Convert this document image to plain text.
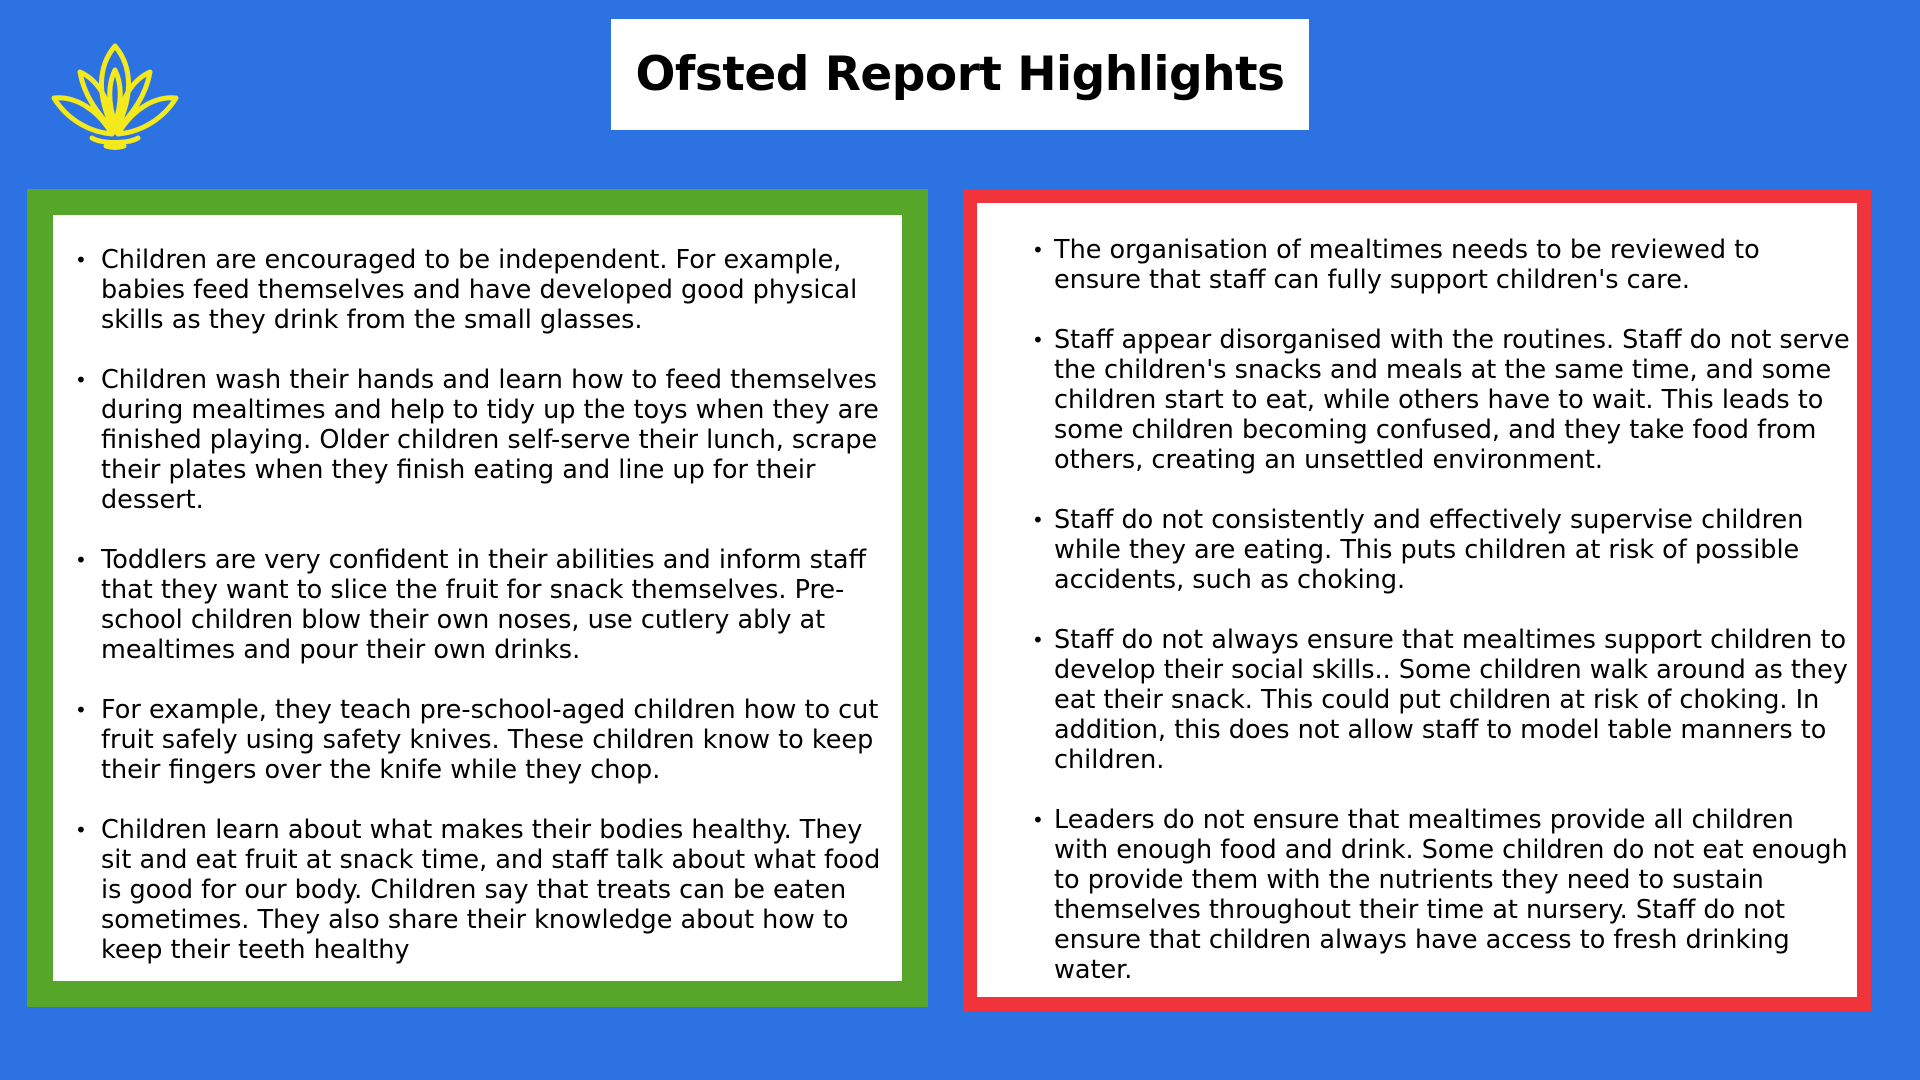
Ofsted Report Highlights
• Children are encouraged to be independent. For example, babies feed themselves and have developed good physical skills as they drink from the small glasses.
• Children wash their hands and learn how to feed themselves during mealtimes and help to tidy up the toys when they are finished playing. Older children self-serve their lunch, scrape their plates when they finish eating and line up for their dessert.
• Toddlers are very confident in their abilities and inform staff that they want to slice the fruit for snack themselves. Pre-school children blow their own noses, use cutlery ably at mealtimes and pour their own drinks.
• For example, they teach pre-school-aged children how to cut fruit safely using safety knives. These children know to keep their fingers over the knife while they chop.
• Children learn about what makes their bodies healthy. They sit and eat fruit at snack time, and staff talk about what food is good for our body. Children say that treats can be eaten sometimes. They also share their knowledge about how to keep their teeth healthy
• The organisation of mealtimes needs to be reviewed to ensure that staff can fully support children's care.
• Staff appear disorganised with the routines. Staff do not serve the children's snacks and meals at the same time, and some children start to eat, while others have to wait. This leads to some children becoming confused, and they take food from others, creating an unsettled environment.
• Staff do not consistently and effectively supervise children while they are eating. This puts children at risk of possible accidents, such as choking.
• Staff do not always ensure that mealtimes support children to develop their social skills.. Some children walk around as they eat their snack. This could put children at risk of choking. In addition, this does not allow staff to model table manners to children.
• Leaders do not ensure that mealtimes provide all children with enough food and drink. Some children do not eat enough to provide them with the nutrients they need to sustain themselves throughout their time at nursery. Staff do not ensure that children always have access to fresh drinking water.
